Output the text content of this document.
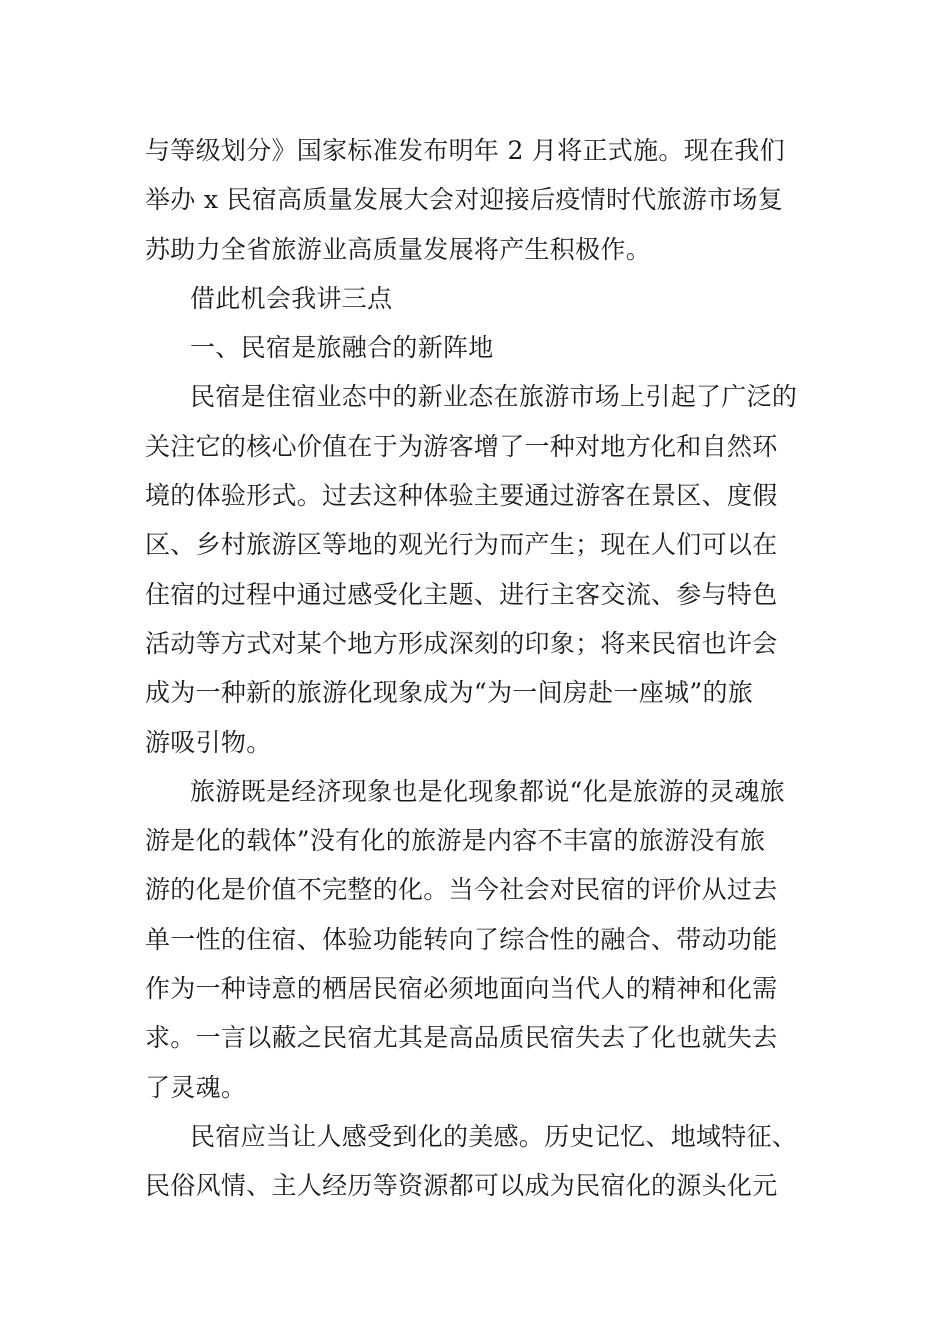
与等级划分》国家标准发布明年 2 月将正式施。现在我们
举办 x 民宿高质量发展大会对迎接后疫情时代旅游市场复
苏助力全省旅游业高质量发展将产生积极作。
借此机会我讲三点
一、民宿是旅融合的新阵地
民宿是住宿业态中的新业态在旅游市场上引起了广泛的
关注它的核心价值在于为游客增了一种对地方化和自然环
境的体验形式。过去这种体验主要通过游客在景区、度假
区、乡村旅游区等地的观光行为而产生；现在人们可以在
住宿的过程中通过感受化主题、进行主客交流、参与特色
活动等方式对某个地方形成深刻的印象；将来民宿也许会
成为一种新的旅游化现象成为“为一间房赴一座城”的旅
游吸引物。
旅游既是经济现象也是化现象都说“化是旅游的灵魂旅
游是化的载体”没有化的旅游是内容不丰富的旅游没有旅
游的化是价值不完整的化。当今社会对民宿的评价从过去
单一性的住宿、体验功能转向了综合性的融合、带动功能
作为一种诗意的栖居民宿必须地面向当代人的精神和化需
求。一言以蔽之民宿尤其是高品质民宿失去了化也就失去
了灵魂。
民宿应当让人感受到化的美感。历史记忆、地域特征、
民俗风情、主人经历等资源都可以成为民宿化的源头化元
